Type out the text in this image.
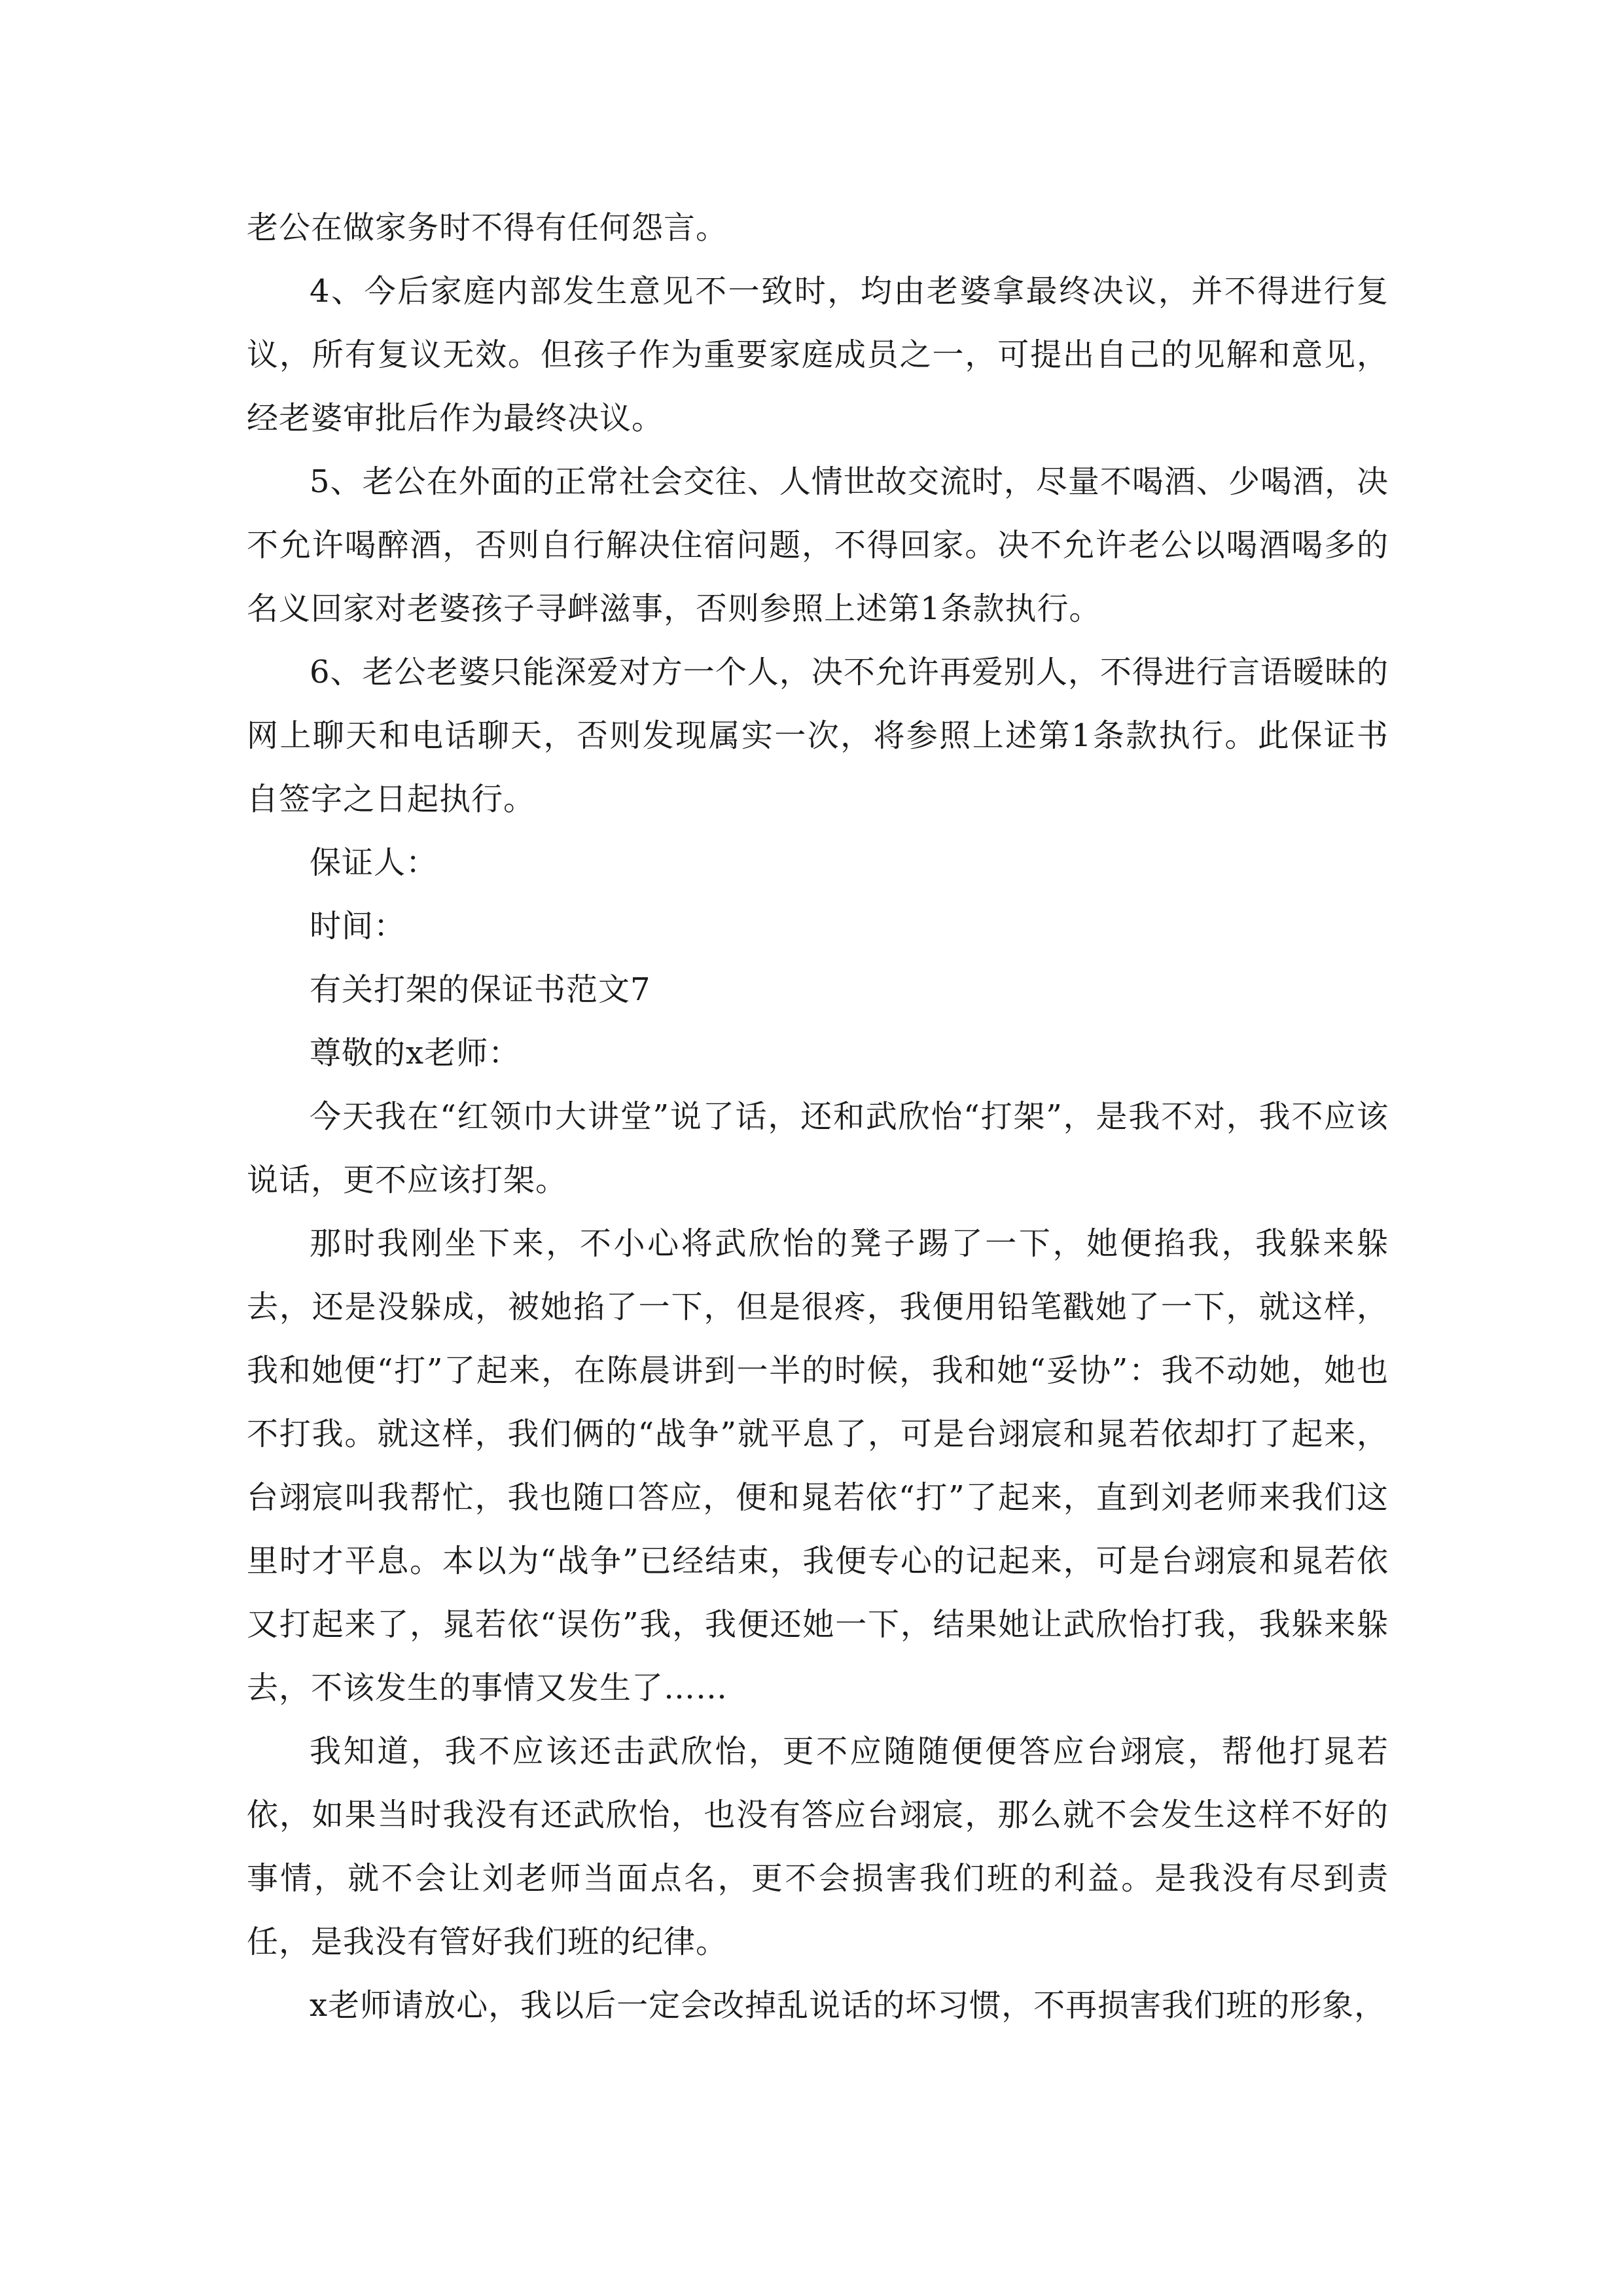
老公在做家务时不得有任何怨言。

4、今后家庭内部发生意见不一致时，均由老婆拿最终决议，并不得进行复议，所有复议无效。但孩子作为重要家庭成员之一，可提出自己的见解和意见，经老婆审批后作为最终决议。

5、老公在外面的正常社会交往、人情世故交流时，尽量不喝酒、少喝酒，决不允许喝醉酒，否则自行解决住宿问题，不得回家。决不允许老公以喝酒喝多的名义回家对老婆孩子寻衅滋事，否则参照上述第1条款执行。

6、老公老婆只能深爱对方一个人，决不允许再爱别人，不得进行言语暧昧的网上聊天和电话聊天，否则发现属实一次，将参照上述第1条款执行。此保证书自签字之日起执行。

保证人：

时间：

有关打架的保证书范文7

尊敬的x老师：

今天我在“红领巾大讲堂”说了话，还和武欣怡“打架”，是我不对，我不应该说话，更不应该打架。

那时我刚坐下来，不小心将武欣怡的凳子踢了一下，她便掐我，我躲来躲去，还是没躲成，被她掐了一下，但是很疼，我便用铅笔戳她了一下，就这样，我和她便“打”了起来，在陈晨讲到一半的时候，我和她“妥协”：我不动她，她也不打我。就这样，我们俩的“战争”就平息了，可是台翊宸和晁若依却打了起来，台翊宸叫我帮忙，我也随口答应，便和晁若依“打”了起来，直到刘老师来我们这里时才平息。本以为“战争”已经结束，我便专心的记起来，可是台翊宸和晁若依又打起来了，晁若依“误伤”我，我便还她一下，结果她让武欣怡打我，我躲来躲去，不该发生的事情又发生了……

我知道，我不应该还击武欣怡，更不应随随便便答应台翊宸，帮他打晁若依，如果当时我没有还武欣怡，也没有答应台翊宸，那么就不会发生这样不好的事情，就不会让刘老师当面点名，更不会损害我们班的利益。是我没有尽到责任，是我没有管好我们班的纪律。

x老师请放心，我以后一定会改掉乱说话的坏习惯，不再损害我们班的形象，
